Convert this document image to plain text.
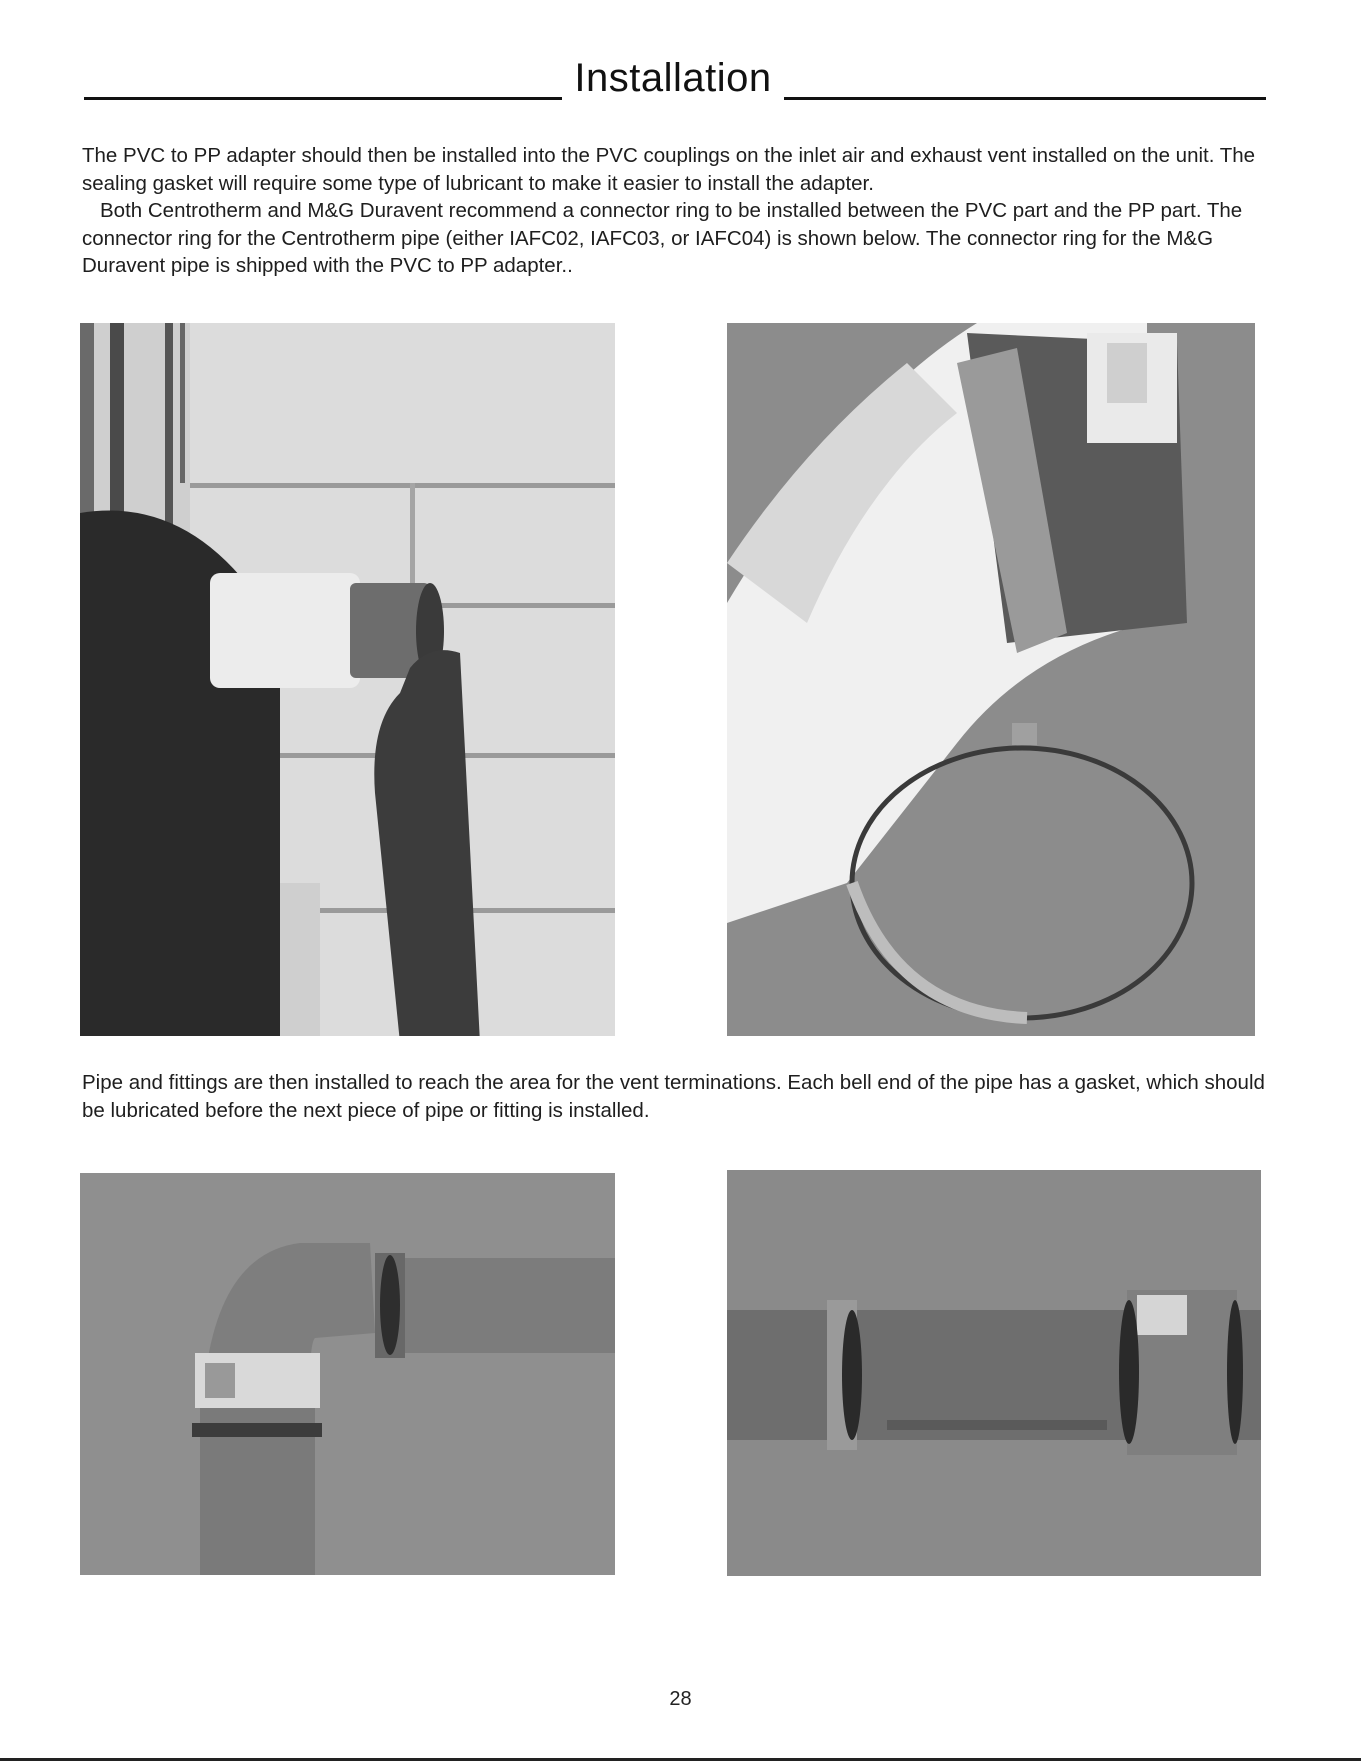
Installation

The PVC to PP adapter should then be installed into the PVC couplings on the inlet air and exhaust vent installed on the unit. The sealing gasket will require some type of lubricant to make it easier to install the adapter.

Both Centrotherm and M&G Duravent recommend a connector ring to be installed between the PVC part and the PP part. The connector ring for the Centrotherm pipe (either IAFC02, IAFC03, or IAFC04) is shown below. The connector ring for the M&G Duravent pipe is shipped with the PVC to PP adapter..

Pipe and fittings are then installed to reach the area for the vent terminations. Each bell end of the pipe has a gasket, which should be lubricated before the next piece of pipe or fitting is installed.

28
